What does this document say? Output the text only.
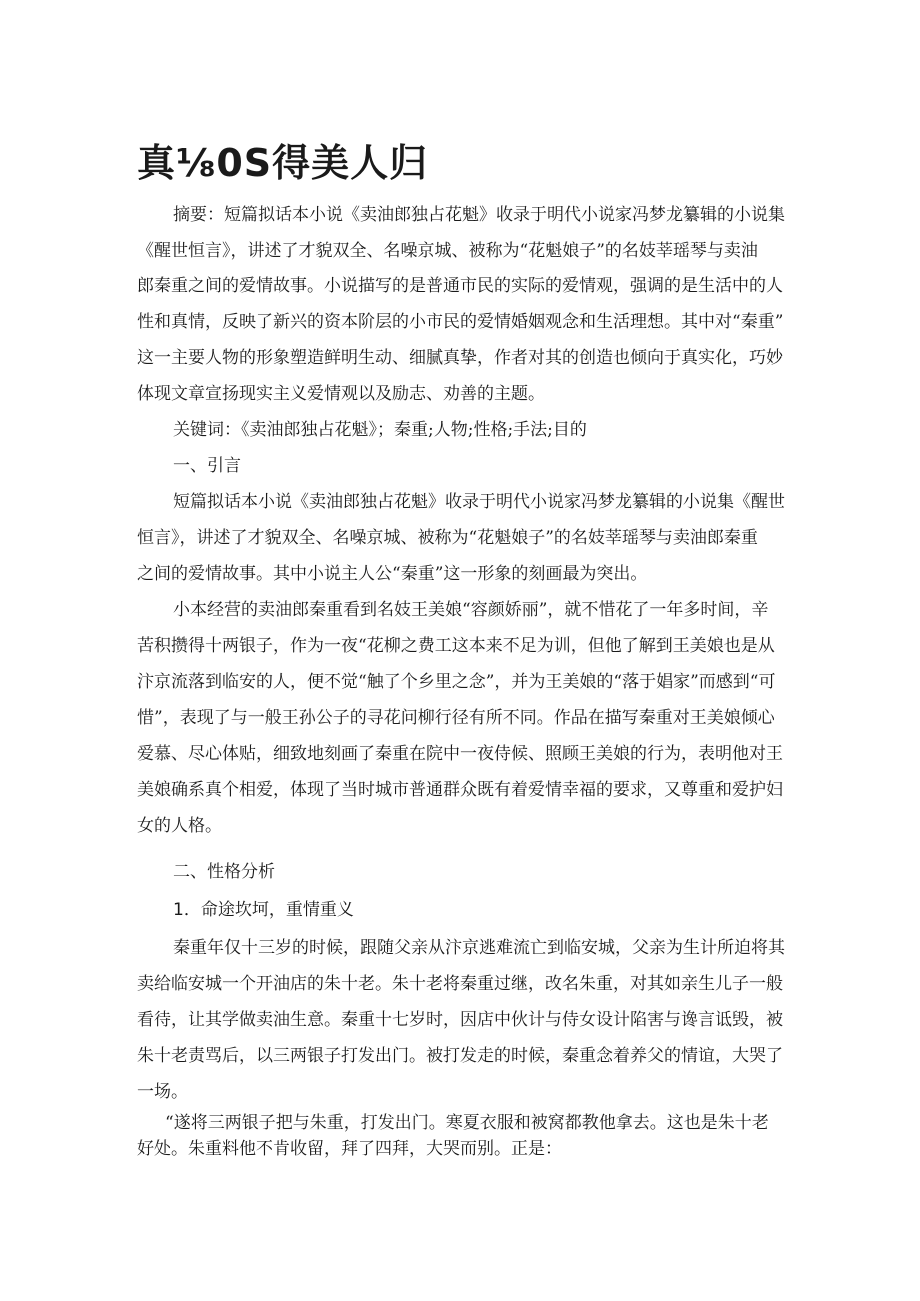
真⅛0S得美人归
摘要：短篇拟话本小说《卖油郎独占花魁》收录于明代小说家冯梦龙纂辑的小说集
《醒世恒言》，讲述了才貌双全、名噪京城、被称为“花魁娘子”的名妓莘瑶琴与卖油
郎秦重之间的爱情故事。小说描写的是普通市民的实际的爱情观，强调的是生活中的人
性和真情，反映了新兴的资本阶层的小市民的爱情婚姻观念和生活理想。其中对“秦重”
这一主要人物的形象塑造鲜明生动、细腻真挚，作者对其的创造也倾向于真实化，巧妙
体现文章宣扬现实主义爱情观以及励志、劝善的主题。
关键词：《卖油郎独占花魁》；秦重;人物;性格;手法;目的
一、引言
短篇拟话本小说《卖油郎独占花魁》收录于明代小说家冯梦龙纂辑的小说集《醒世
恒言》，讲述了才貌双全、名噪京城、被称为“花魁娘子”的名妓莘瑶琴与卖油郎秦重
之间的爱情故事。其中小说主人公“秦重”这一形象的刻画最为突出。
小本经营的卖油郎秦重看到名妓王美娘“容颜娇丽”，就不惜花了一年多时间，辛
苦积攒得十两银子，作为一夜“花柳之费工这本来不足为训，但他了解到王美娘也是从
汴京流落到临安的人，便不觉“触了个乡里之念”，并为王美娘的“落于娼家”而感到“可
惜”，表现了与一般王孙公子的寻花问柳行径有所不同。作品在描写秦重对王美娘倾心
爱慕、尽心体贴，细致地刻画了秦重在院中一夜侍候、照顾王美娘的行为，表明他对王
美娘确系真个相爱，体现了当时城市普通群众既有着爱情幸福的要求，又尊重和爱护妇
女的人格。
二、性格分析
1．命途坎坷，重情重义
秦重年仅十三岁的时候，跟随父亲从汴京逃难流亡到临安城，父亲为生计所迫将其
卖给临安城一个开油店的朱十老。朱十老将秦重过继，改名朱重，对其如亲生儿子一般
看待，让其学做卖油生意。秦重十七岁时，因店中伙计与侍女设计陷害与谗言诋毁，被
朱十老责骂后，以三两银子打发出门。被打发走的时候，秦重念着养父的情谊，大哭了
一场。
“遂将三两银子把与朱重，打发出门。寒夏衣服和被窝都教他拿去。这也是朱十老
好处。朱重料他不肯收留，拜了四拜，大哭而别。正是：
